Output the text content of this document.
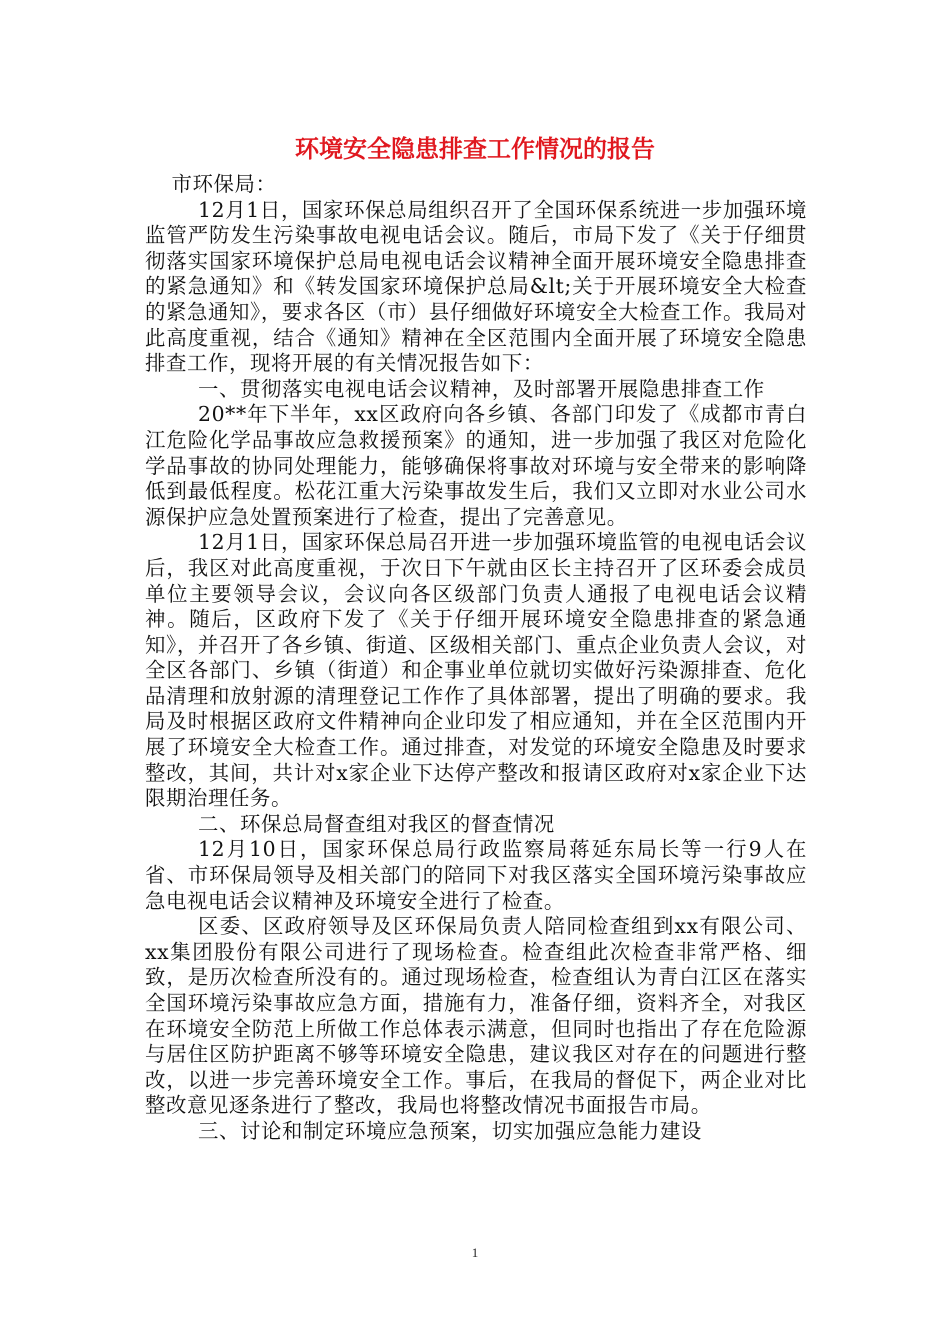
环境安全隐患排查工作情况的报告

市环保局：

12月1日，国家环保总局组织召开了全国环保系统进一步加强环境监管严防发生污染事故电视电话会议。随后，市局下发了《关于仔细贯彻落实国家环境保护总局电视电话会议精神全面开展环境安全隐患排查的紧急通知》和《转发国家环境保护总局&lt;关于开展环境安全大检查的紧急通知》，要求各区（市）县仔细做好环境安全大检查工作。我局对此高度重视，结合《通知》精神在全区范围内全面开展了环境安全隐患排查工作，现将开展的有关情况报告如下：

一、贯彻落实电视电话会议精神，及时部署开展隐患排查工作

20**年下半年，xx区政府向各乡镇、各部门印发了《成都市青白江危险化学品事故应急救援预案》的通知，进一步加强了我区对危险化学品事故的协同处理能力，能够确保将事故对环境与安全带来的影响降低到最低程度。松花江重大污染事故发生后，我们又立即对水业公司水源保护应急处置预案进行了检查，提出了完善意见。

12月1日，国家环保总局召开进一步加强环境监管的电视电话会议后，我区对此高度重视，于次日下午就由区长主持召开了区环委会成员单位主要领导会议，会议向各区级部门负责人通报了电视电话会议精神。随后，区政府下发了《关于仔细开展环境安全隐患排查的紧急通知》，并召开了各乡镇、街道、区级相关部门、重点企业负责人会议，对全区各部门、乡镇（街道）和企事业单位就切实做好污染源排查、危化品清理和放射源的清理登记工作作了具体部署，提出了明确的要求。我局及时根据区政府文件精神向企业印发了相应通知，并在全区范围内开展了环境安全大检查工作。通过排查，对发觉的环境安全隐患及时要求整改，其间，共计对x家企业下达停产整改和报请区政府对x家企业下达限期治理任务。

二、环保总局督查组对我区的督查情况

12月10日，国家环保总局行政监察局蒋延东局长等一行9人在省、市环保局领导及相关部门的陪同下对我区落实全国环境污染事故应急电视电话会议精神及环境安全进行了检查。

区委、区政府领导及区环保局负责人陪同检查组到xx有限公司、xx集团股份有限公司进行了现场检查。检查组此次检查非常严格、细致，是历次检查所没有的。通过现场检查，检查组认为青白江区在落实全国环境污染事故应急方面，措施有力，准备仔细，资料齐全，对我区在环境安全防范上所做工作总体表示满意，但同时也指出了存在危险源与居住区防护距离不够等环境安全隐患，建议我区对存在的问题进行整改，以进一步完善环境安全工作。事后，在我局的督促下，两企业对比整改意见逐条进行了整改，我局也将整改情况书面报告市局。

三、讨论和制定环境应急预案，切实加强应急能力建设

1
